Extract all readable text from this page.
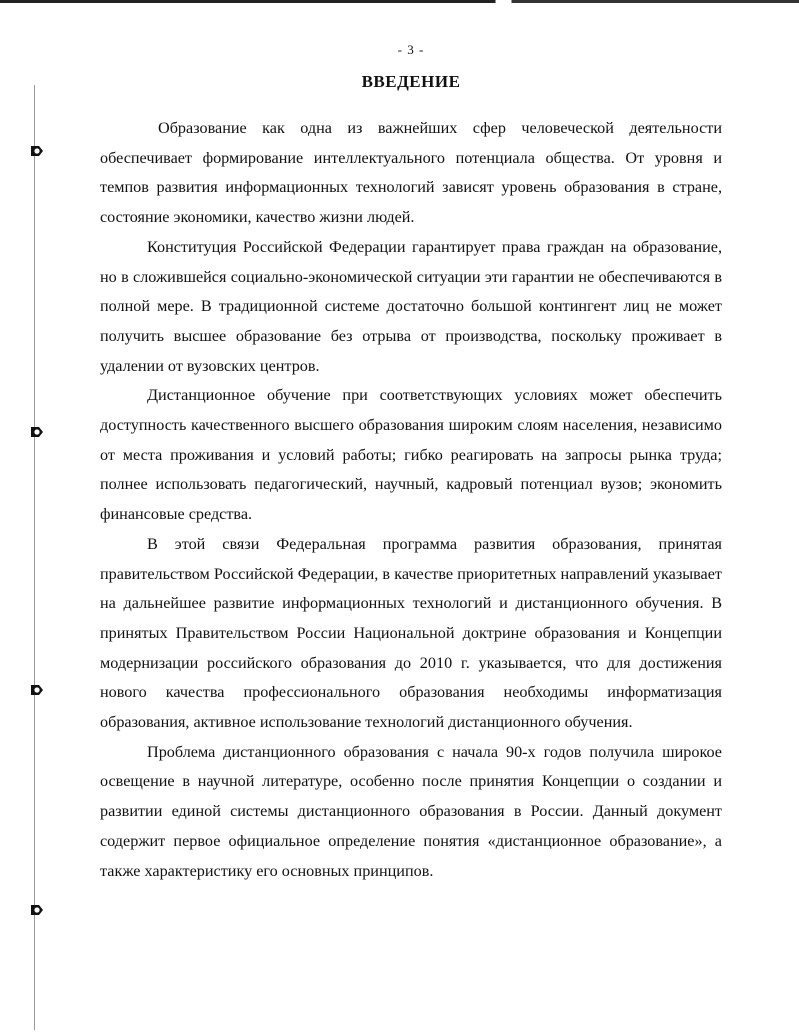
- 3 -
ВВЕДЕНИЕ

Образование как одна из важнейших сфер человеческой деятельности обеспечивает формирование интеллектуального потенциала общества. От уровня и темпов развития информационных технологий зависят уровень образования в стране, состояние экономики, качество жизни людей.

Конституция Российской Федерации гарантирует права граждан на образование, но в сложившейся социально-экономической ситуации эти гарантии не обеспечиваются в полной мере. В традиционной системе достаточно большой контингент лиц не может получить высшее образование без отрыва от производства, поскольку проживает в удалении от вузовских центров.

Дистанционное обучение при соответствующих условиях может обеспечить доступность качественного высшего образования широким слоям населения, независимо от места проживания и условий работы; гибко реагировать на запросы рынка труда; полнее использовать педагогический, научный, кадровый потенциал вузов; экономить финансовые средства.

В этой связи Федеральная программа развития образования, принятая правительством Российской Федерации, в качестве приоритетных направлений указывает на дальнейшее развитие информационных технологий и дистанционного обучения. В принятых Правительством России Национальной доктрине образования и Концепции модернизации российского образования до 2010 г. указывается, что для достижения нового качества профессионального образования необходимы информатизация образования, активное использование технологий дистанционного обучения.

Проблема дистанционного образования с начала 90-х годов получила широкое освещение в научной литературе, особенно после принятия Концепции о создании и развитии единой системы дистанционного образования в России. Данный документ содержит первое официальное определение понятия «дистанционное образование», а также характеристику его основных принципов.
